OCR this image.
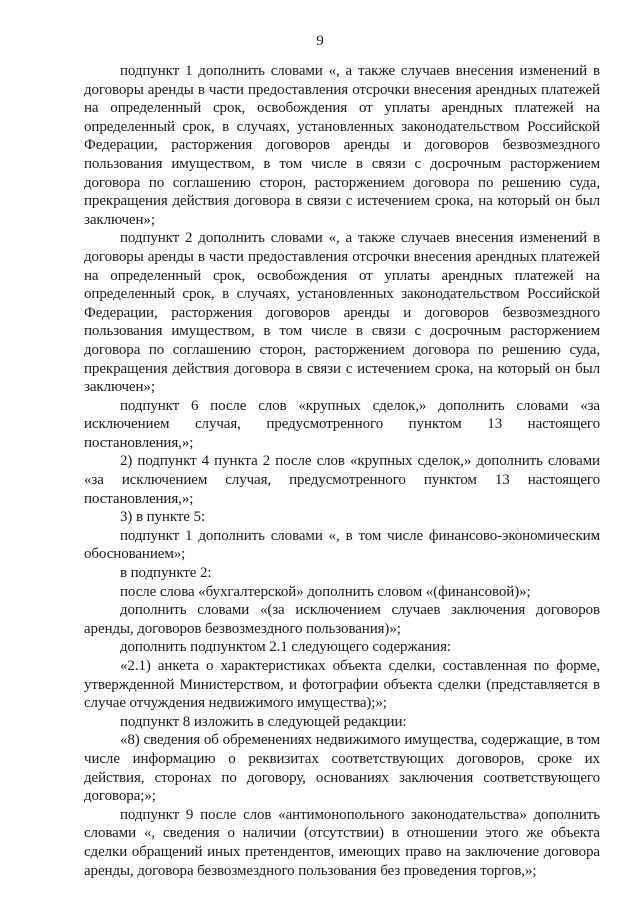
9

подпункт 1 дополнить словами «, а также случаев внесения изменений в договоры аренды в части предоставления отсрочки внесения арендных платежей на определенный срок, освобождения от уплаты арендных платежей на определенный срок, в случаях, установленных законодательством Российской Федерации, расторжения договоров аренды и договоров безвозмездного пользования имуществом, в том числе в связи с досрочным расторжением договора по соглашению сторон, расторжением договора по решению суда, прекращения действия договора в связи с истечением срока, на который он был заключен»;

подпункт 2 дополнить словами «, а также случаев внесения изменений в договоры аренды в части предоставления отсрочки внесения арендных платежей на определенный срок, освобождения от уплаты арендных платежей на определенный срок, в случаях, установленных законодательством Российской Федерации, расторжения договоров аренды и договоров безвозмездного пользования имуществом, в том числе в связи с досрочным расторжением договора по соглашению сторон, расторжением договора по решению суда, прекращения действия договора в связи с истечением срока, на который он был заключен»;

подпункт 6 после слов «крупных сделок,» дополнить словами «за исключением случая, предусмотренного пунктом 13 настоящего постановления,»;

2) подпункт 4 пункта 2 после слов «крупных сделок,» дополнить словами «за исключением случая, предусмотренного пунктом 13 настоящего постановления,»;

3) в пункте 5:

подпункт 1 дополнить словами «, в том числе финансово-экономическим обоснованием»;

в подпункте 2:

после слова «бухгалтерской» дополнить словом «(финансовой)»;

дополнить словами «(за исключением случаев заключения договоров аренды, договоров безвозмездного пользования)»;

дополнить подпунктом 2.1 следующего содержания:

«2.1) анкета о характеристиках объекта сделки, составленная по форме, утвержденной Министерством, и фотографии объекта сделки (представляется в случае отчуждения недвижимого имущества);»;

подпункт 8 изложить в следующей редакции:

«8) сведения об обременениях недвижимого имущества, содержащие, в том числе информацию о реквизитах соответствующих договоров, сроке их действия, сторонах по договору, основаниях заключения соответствующего договора;»;

подпункт 9 после слов «антимонопольного законодательства» дополнить словами «, сведения о наличии (отсутствии) в отношении этого же объекта сделки обращений иных претендентов, имеющих право на заключение договора аренды, договора безвозмездного пользования без проведения торгов,»;
